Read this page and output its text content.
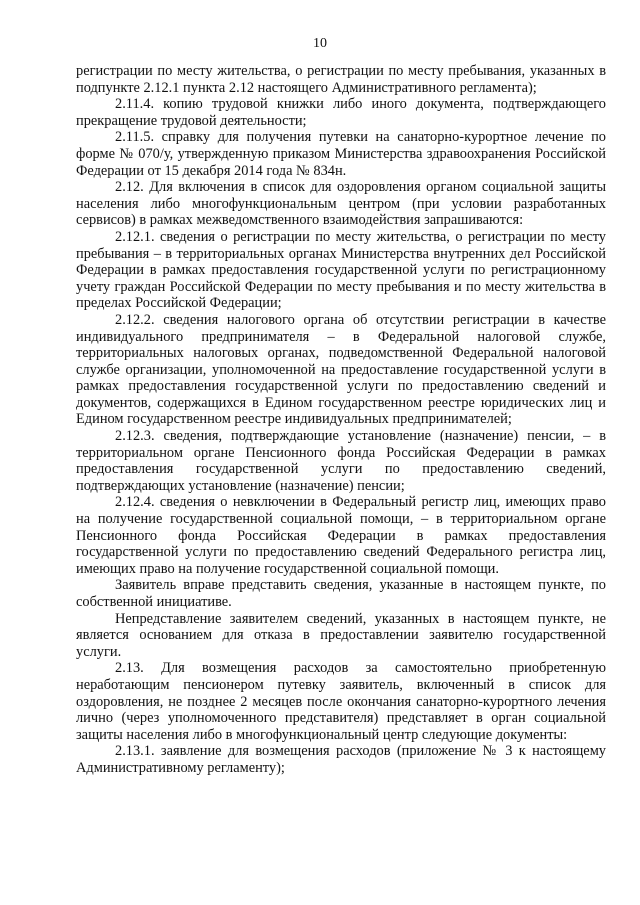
10

регистрации по месту жительства, о регистрации по месту пребывания, указанных в подпункте 2.12.1 пункта 2.12 настоящего Административного регламента);

2.11.4. копию трудовой книжки либо иного документа, подтверждающего прекращение трудовой деятельности;

2.11.5. справку для получения путевки на санаторно-курортное лечение по форме № 070/у, утвержденную приказом Министерства здравоохранения Российской Федерации от 15 декабря 2014 года № 834н.

2.12. Для включения в список для оздоровления органом социальной защиты населения либо многофункциональным центром (при условии разработанных сервисов) в рамках межведомственного взаимодействия запрашиваются:

2.12.1. сведения о регистрации по месту жительства, о регистрации по месту пребывания – в территориальных органах Министерства внутренних дел Российской Федерации в рамках предоставления государственной услуги по регистрационному учету граждан Российской Федерации по месту пребывания и по месту жительства в пределах Российской Федерации;

2.12.2. сведения налогового органа об отсутствии регистрации в качестве индивидуального предпринимателя – в Федеральной налоговой службе, территориальных налоговых органах, подведомственной Федеральной налоговой службе организации, уполномоченной на предоставление государственной услуги в рамках предоставления государственной услуги по предоставлению сведений и документов, содержащихся в Едином государственном реестре юридических лиц и Едином государственном реестре индивидуальных предпринимателей;

2.12.3. сведения, подтверждающие установление (назначение) пенсии, – в территориальном органе Пенсионного фонда Российская Федерации в рамках предоставления государственной услуги по предоставлению сведений, подтверждающих установление (назначение) пенсии;

2.12.4. сведения о невключении в Федеральный регистр лиц, имеющих право на получение государственной социальной помощи, – в территориальном органе Пенсионного фонда Российская Федерации в рамках предоставления государственной услуги по предоставлению сведений Федерального регистра лиц, имеющих право на получение государственной социальной помощи.

Заявитель вправе представить сведения, указанные в настоящем пункте, по собственной инициативе.

Непредставление заявителем сведений, указанных в настоящем пункте, не является основанием для отказа в предоставлении заявителю государственной услуги.

2.13. Для возмещения расходов за самостоятельно приобретенную неработающим пенсионером путевку заявитель, включенный в список для оздоровления, не позднее 2 месяцев после окончания санаторно-курортного лечения лично (через уполномоченного представителя) представляет в орган социальной защиты населения либо в многофункциональный центр следующие документы:

2.13.1. заявление для возмещения расходов (приложение № 3 к настоящему Административному регламенту);
